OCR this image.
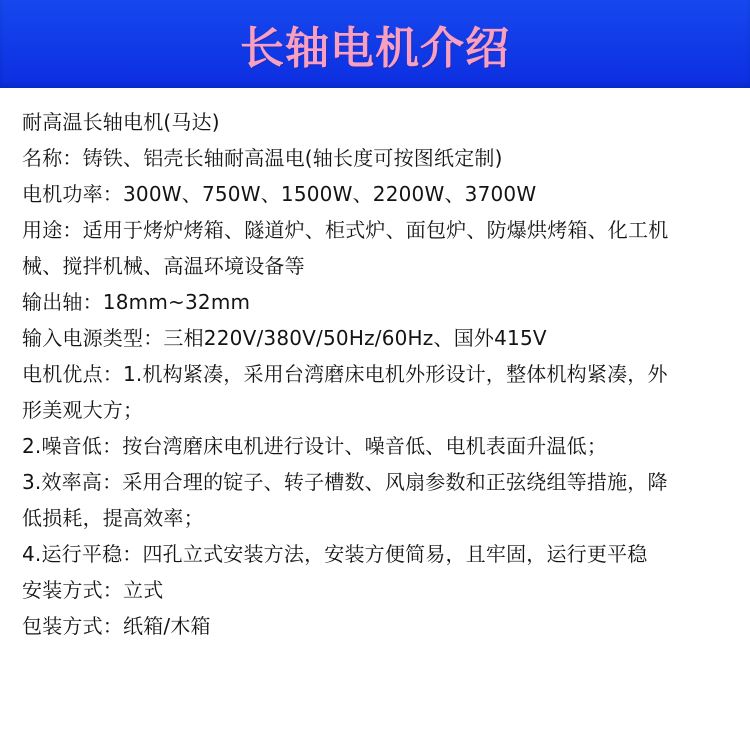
长轴电机介绍
耐高温长轴电机(马达)
名称：铸铁、铝壳长轴耐高温电(轴长度可按图纸定制)
电机功率：300W、750W、1500W、2200W、3700W
用途：适用于烤炉烤箱、隧道炉、柜式炉、面包炉、防爆烘烤箱、化工机
械、搅拌机械、高温环境设备等
输出轴：18mm~32mm
输入电源类型：三相220V/380V/50Hz/60Hz、国外415V
电机优点：1.机构紧凑，采用台湾磨床电机外形设计，整体机构紧凑，外
形美观大方；
2.噪音低：按台湾磨床电机进行设计、噪音低、电机表面升温低；
3.效率高：采用合理的锭子、转子槽数、风扇参数和正弦绕组等措施，降
低损耗，提高效率；
4.运行平稳：四孔立式安装方法，安装方便简易，且牢固，运行更平稳
安装方式：立式
包装方式：纸箱/木箱
